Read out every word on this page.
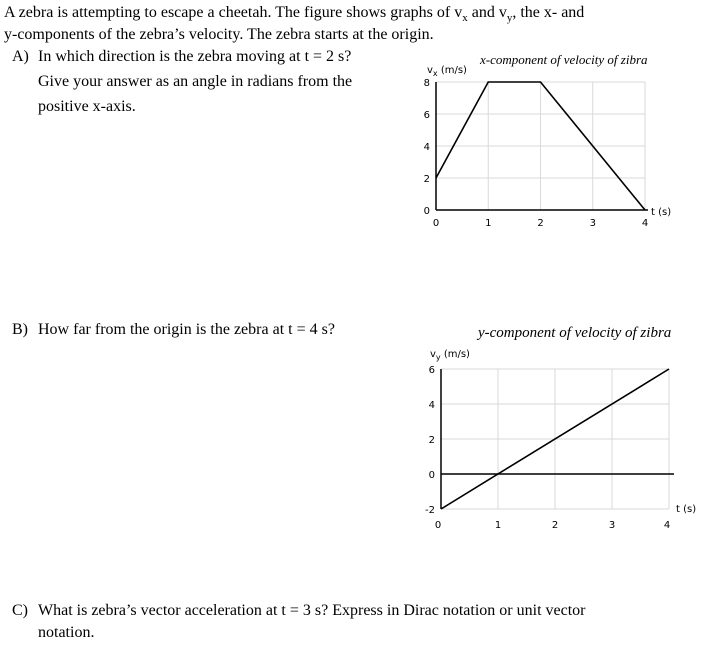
A zebra is attempting to escape a cheetah. The figure shows graphs of $v_x$ and $v_y$, the x- and
y-components of the zebra’s velocity. The zebra starts at the origin.
A) In which direction is the zebra moving at t = 2 s?
Give your answer as an angle in radians from the
positive x-axis.
B) How far from the origin is the zebra at t = 4 s?
C) What is zebra’s vector acceleration at t = 3 s? Express in Dirac notation or unit vector
notation.
x-component of velocity of zibra
y-component of velocity of zibra
0	1	2	3	4
0
2
4
6
8
$v_x$ (m/s)
t (s)
0	1	2	3	4
-2
0
2
4
6
$v_y$ (m/s)
t (s)
